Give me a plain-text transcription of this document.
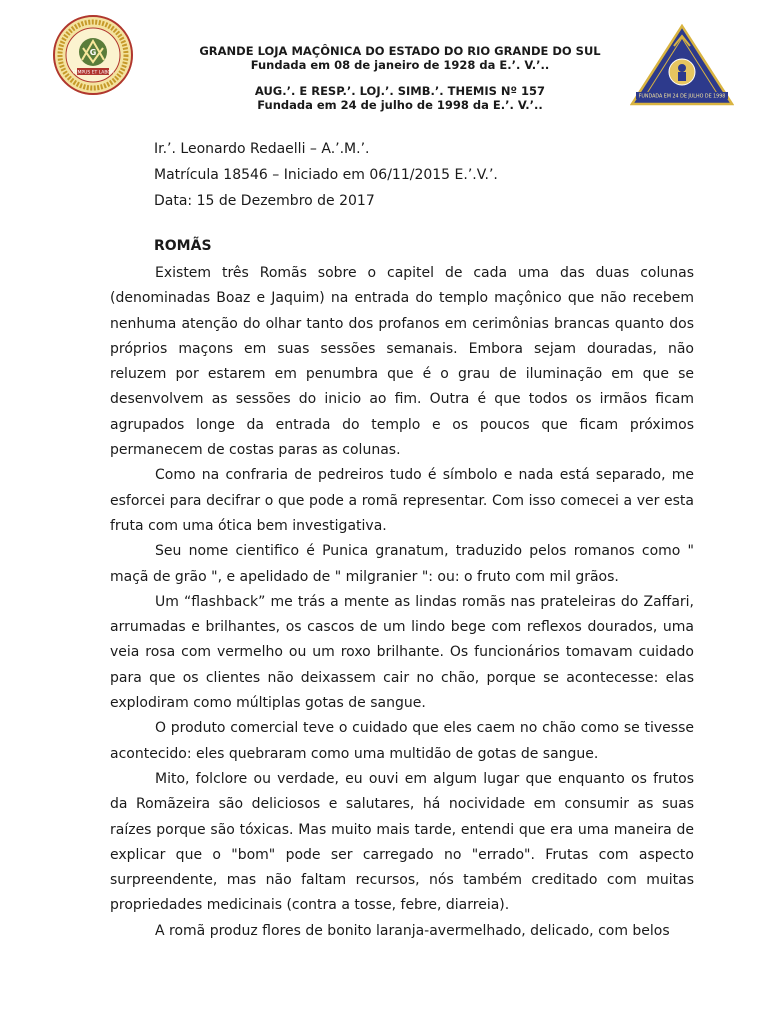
G
TEMPUS ET LABOR
GRANDE LOJA MAÇÔNICA DO ESTADO DO RIO GRANDE DO SUL
Fundada em 08 de janeiro de 1928 da E.’. V.’..
AUG.’. E RESP.’. LOJ.’. SIMB.’. THEMIS Nº 157
Fundada em 24 de julho de 1998 da E.’. V.’..
FUNDADA EM 24 DE JULHO DE 1998
Ir.’. Leonardo Redaelli – A.’.M.’.
Matrícula 18546 – Iniciado em 06/11/2015 E.’.V.’.
Data: 15 de Dezembro de 2017
ROMÃS

Existem três Romãs sobre o capitel de cada uma das duas colunas (denominadas Boaz e Jaquim) na entrada do templo maçônico que não recebem nenhuma atenção do olhar tanto dos profanos em cerimônias brancas quanto dos próprios maçons em suas sessões semanais. Embora sejam douradas, não reluzem por estarem em penumbra que é o grau de iluminação em que se desenvolvem as sessões do inicio ao fim. Outra é que todos os irmãos ficam agrupados longe da entrada do templo e os poucos que ficam próximos permanecem de costas paras as colunas.

Como na confraria de pedreiros tudo é símbolo e nada está separado, me esforcei para decifrar o que pode a romã representar. Com isso comecei a ver esta fruta com uma ótica bem investigativa.

Seu nome cientifico é Punica granatum, traduzido pelos romanos como " maçã de grão ", e apelidado de " milgranier ": ou: o fruto com mil grãos.

Um “flashback” me trás a mente as lindas romãs nas prateleiras do Zaffari, arrumadas e brilhantes, os cascos de um lindo bege com reflexos dourados, uma veia rosa com vermelho ou um roxo brilhante. Os funcionários tomavam cuidado para que os clientes não deixassem cair no chão, porque se acontecesse: elas explodiram como múltiplas gotas de sangue.

O produto comercial teve o cuidado que eles caem no chão como se tivesse acontecido: eles quebraram como uma multidão de gotas de sangue.

Mito, folclore ou verdade, eu ouvi em algum lugar que enquanto os frutos da Romãzeira são deliciosos e salutares, há nocividade em consumir as suas raízes porque são tóxicas. Mas muito mais tarde, entendi que era uma maneira de explicar que o "bom" pode ser carregado no "errado". Frutas com aspecto surpreendente, mas não faltam recursos, nós também creditado com muitas propriedades medicinais (contra a tosse, febre, diarreia).

A romã produz flores de bonito laranja-avermelhado, delicado, com belos
